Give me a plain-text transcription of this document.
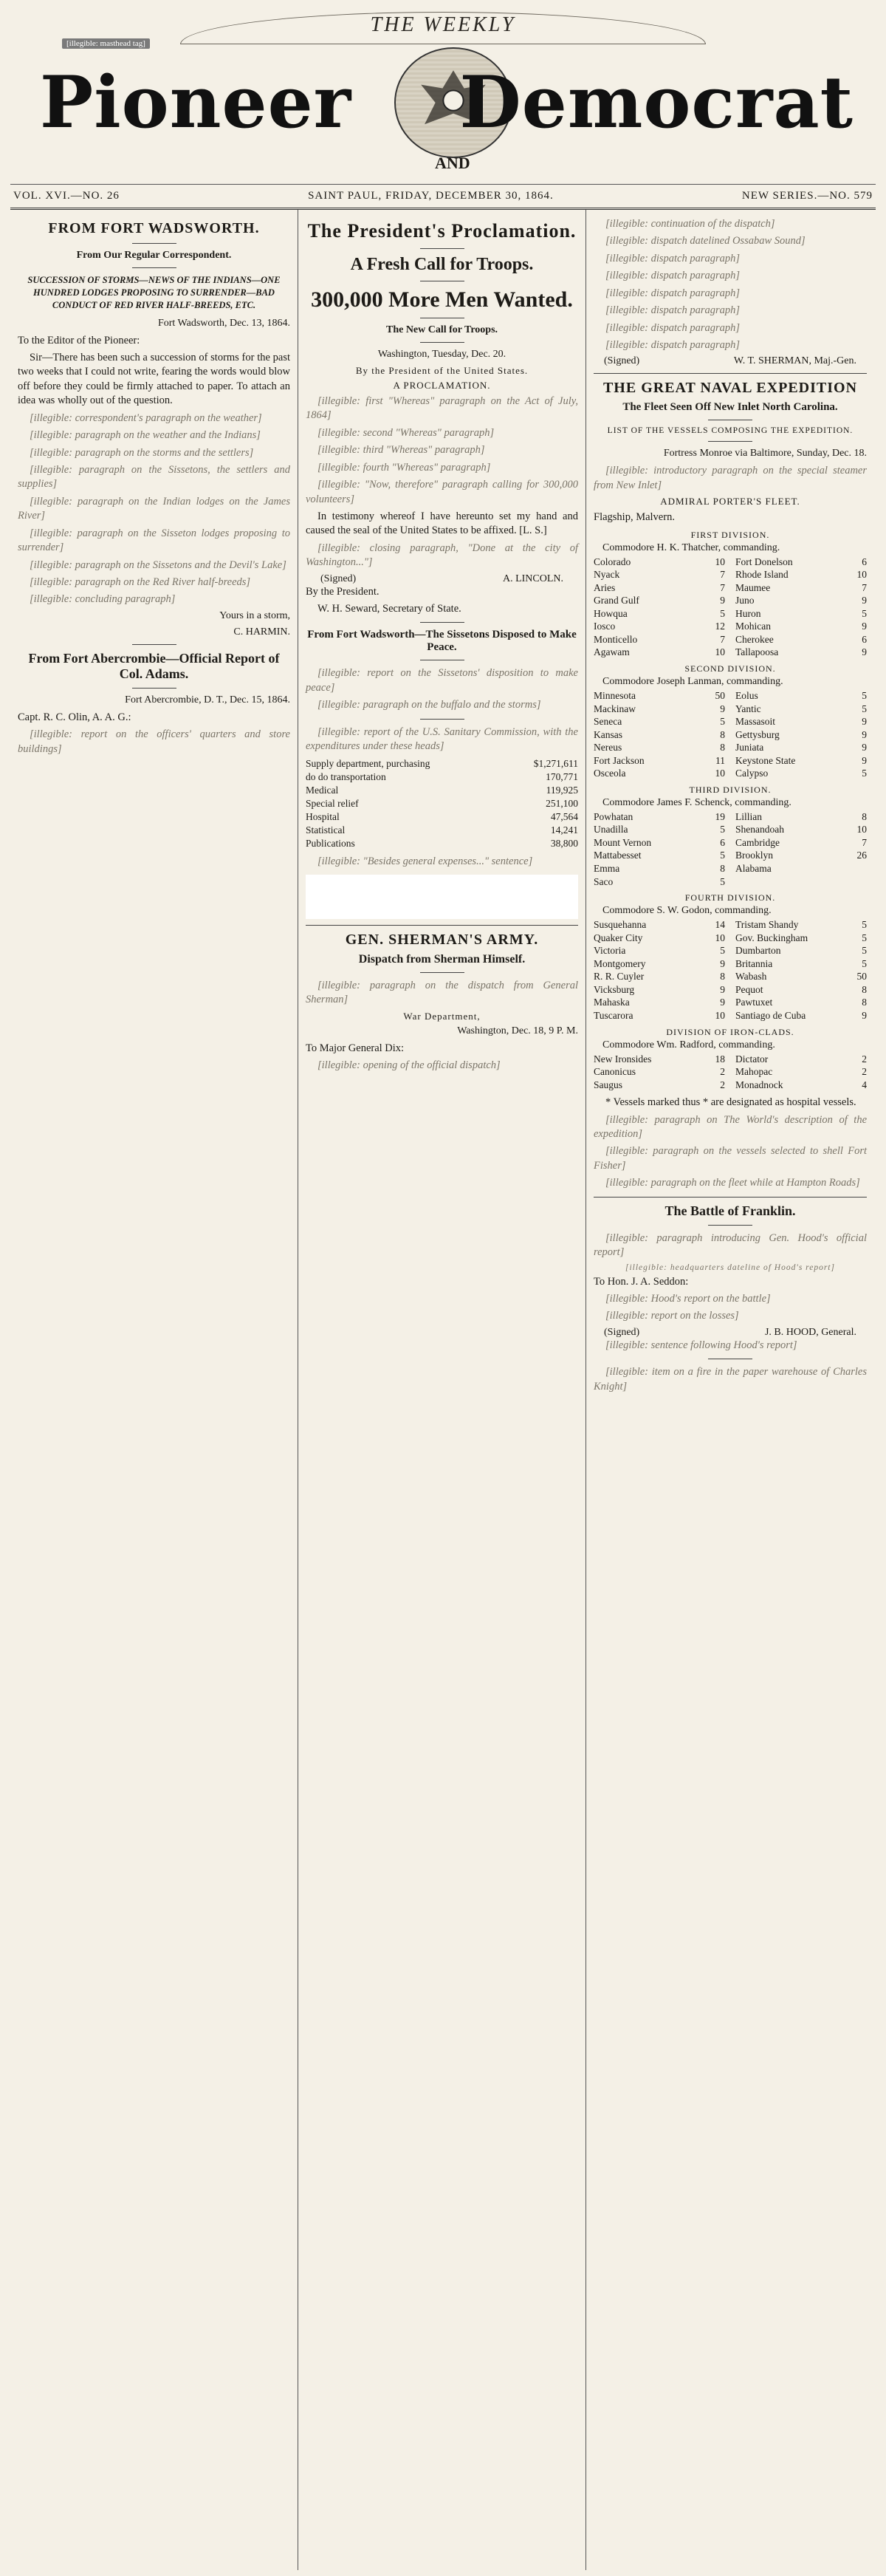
THE WEEKLY
[illegible: masthead tag]
Pioneer Democrat
AND
VOL. XVI.—NO. 26	SAINT PAUL, FRIDAY, DECEMBER 30, 1864.	NEW SERIES.—NO. 579
FROM FORT WADSWORTH.
From Our Regular Correspondent.
SUCCESSION OF STORMS—NEWS OF THE INDIANS—ONE HUNDRED LODGES PROPOSING TO SURRENDER—BAD CONDUCT OF RED RIVER HALF-BREEDS, ETC.
Fort Wadsworth, Dec. 13, 1864.

To the Editor of the Pioneer:

Sir—There has been such a succession of storms for the past two weeks that I could not write, fearing the words would blow off before they could be firmly attached to paper. To attach an idea was wholly out of the question.

[illegible: correspondent's paragraph on the weather]

[illegible: paragraph on the weather and the Indians]

[illegible: paragraph on the storms and the settlers]

[illegible: paragraph on the Sissetons, the settlers and supplies]

[illegible: paragraph on the Indian lodges on the James River]

[illegible: paragraph on the Sisseton lodges proposing to surrender]

[illegible: paragraph on the Sissetons and the Devil's Lake]

[illegible: paragraph on the Red River half-breeds]

[illegible: concluding paragraph]

Yours in a storm,
C. HARMIN.
From Fort Abercrombie—Official Report of Col. Adams.
Fort Abercrombie, D. T., Dec. 15, 1864.

Capt. R. C. Olin, A. A. G.:

[illegible: report on the officers' quarters and store buildings]

The President's Proclamation.
A Fresh Call for Troops.
300,000 More Men Wanted.
The New Call for Troops.
Washington, Tuesday, Dec. 20.
By the President of the United States.
A PROCLAMATION.

[illegible: first "Whereas" paragraph on the Act of July, 1864]

[illegible: second "Whereas" paragraph]

[illegible: third "Whereas" paragraph]

[illegible: fourth "Whereas" paragraph]

[illegible: "Now, therefore" paragraph calling for 300,000 volunteers]

In testimony whereof I have hereunto set my hand and caused the seal of the United States to be affixed. [L. S.]

[illegible: closing paragraph, "Done at the city of Washington..."]

(Signed)	A. LINCOLN.

By the President.

W. H. Seward, Secretary of State.

From Fort Wadsworth—The Sissetons Disposed to Make Peace.

[illegible: report on the Sissetons' disposition to make peace]

[illegible: paragraph on the buffalo and the storms]

[illegible: report of the U.S. Sanitary Commission, with the expenditures under these heads]

Supply department, purchasing	$1,271,611
do do transportation	170,771
Medical	119,925
Special relief	251,100
Hospital	47,564
Statistical	14,241
Publications	38,800

[illegible: "Besides general expenses..." sentence]

GEN. SHERMAN'S ARMY.
Dispatch from Sherman Himself.

[illegible: paragraph on the dispatch from General Sherman]

War Department,
Washington, Dec. 18, 9 P. M.

To Major General Dix:

[illegible: opening of the official dispatch]

[illegible: continuation of the dispatch]

[illegible: dispatch datelined Ossabaw Sound]

[illegible: dispatch paragraph]

[illegible: dispatch paragraph]

[illegible: dispatch paragraph]

[illegible: dispatch paragraph]

[illegible: dispatch paragraph]

[illegible: dispatch paragraph]

(Signed)	W. T. SHERMAN, Maj.-Gen.
THE GREAT NAVAL EXPEDITION
The Fleet Seen Off New Inlet North Carolina.
LIST OF THE VESSELS COMPOSING THE EXPEDITION.
Fortress Monroe via Baltimore, Sunday, Dec. 18.

[illegible: introductory paragraph on the special steamer from New Inlet]

ADMIRAL PORTER'S FLEET.

Flagship, Malvern.

FIRST DIVISION.
Commodore H. K. Thatcher, commanding.
Colorado	10 Fort Donelson	6
Nyack	7 Rhode Island	10
Aries	7 Maumee	7
Grand Gulf	9 Juno	9
Howqua	5 Huron	5
Iosco	12 Mohican	9
Monticello	7 Cherokee	6
Agawam	10 Tallapoosa	9
SECOND DIVISION.
Commodore Joseph Lanman, commanding.
Minnesota	50 Eolus	5
Mackinaw	9 Yantic	5
Seneca	5 Massasoit	9
Kansas	8 Gettysburg	9
Nereus	8 Juniata	9
Fort Jackson	11 Keystone State	9
Osceola	10 Calypso	5
THIRD DIVISION.
Commodore James F. Schenck, commanding.
Powhatan	19 Lillian	8
Unadilla	5 Shenandoah	10
Mount Vernon	6 Cambridge	7
Mattabesset	5 Brooklyn	26
Emma	8 Alabama
Saco	5
FOURTH DIVISION.
Commodore S. W. Godon, commanding.
Susquehanna	14 Tristam Shandy	5
Quaker City	10 Gov. Buckingham	5
Victoria	5 Dumbarton	5
Montgomery	9 Britannia	5
R. R. Cuyler	8 Wabash	50
Vicksburg	9 Pequot	8
Mahaska	9 Pawtuxet	8
Tuscarora	10 Santiago de Cuba	9
DIVISION OF IRON-CLADS.
Commodore Wm. Radford, commanding.
New Ironsides	18 Dictator	2
Canonicus	2 Mahopac	2
Saugus	2 Monadnock	4

* Vessels marked thus * are designated as hospital vessels.

[illegible: paragraph on The World's description of the expedition]

[illegible: paragraph on the vessels selected to shell Fort Fisher]

[illegible: paragraph on the fleet while at Hampton Roads]

The Battle of Franklin.

[illegible: paragraph introducing Gen. Hood's official report]

[illegible: headquarters dateline of Hood's report]

To Hon. J. A. Seddon:

[illegible: Hood's report on the battle]

[illegible: report on the losses]

(Signed)	J. B. HOOD, General.

[illegible: sentence following Hood's report]

[illegible: item on a fire in the paper warehouse of Charles Knight]
